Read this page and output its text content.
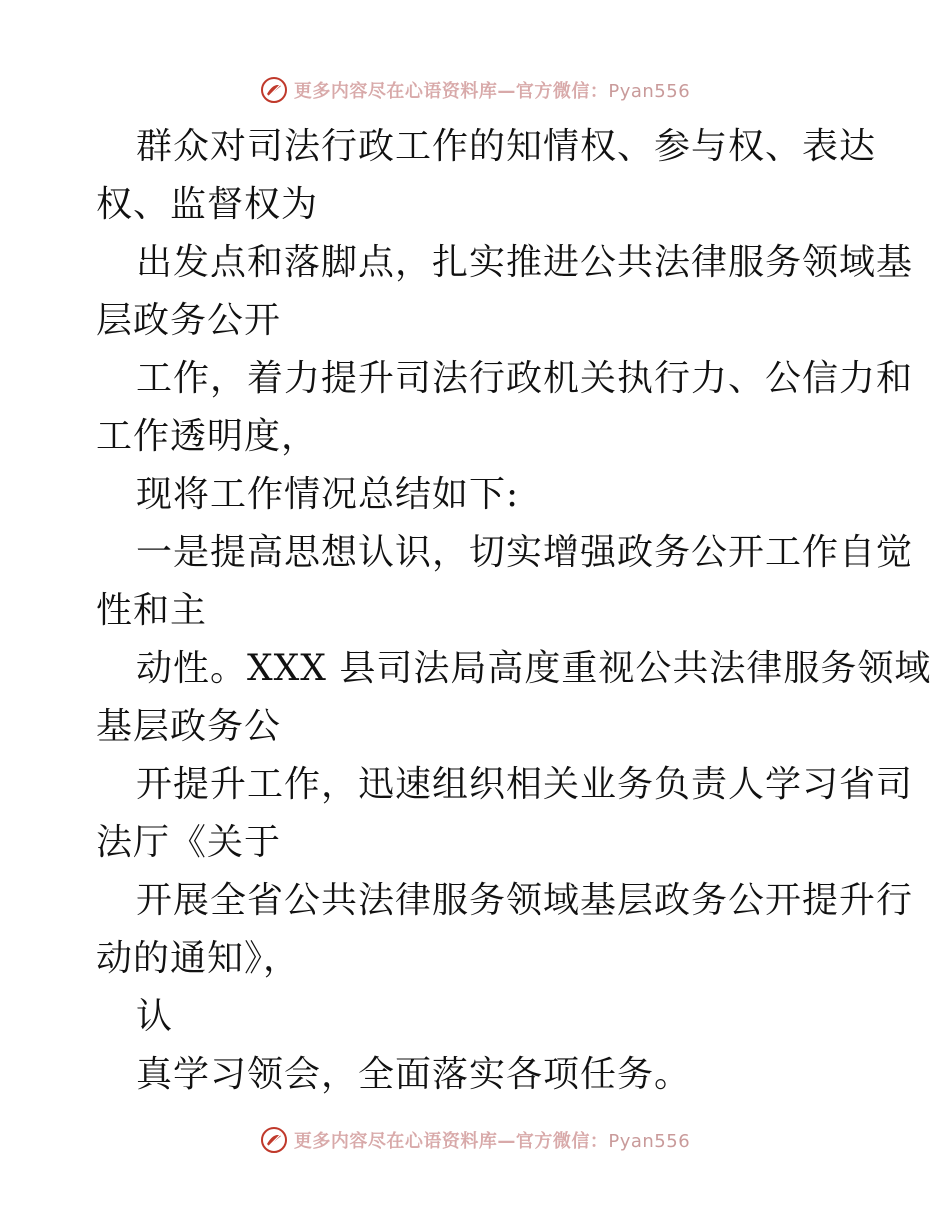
更多内容尽在心语资料库—官方微信：Pyan556
群众对司法行政工作的知情权、参与权、表达
权、监督权为
出发点和落脚点，扎实推进公共法律服务领域基
层政务公开
工作，着力提升司法行政机关执行力、公信力和
工作透明度，
现将工作情况总结如下:
一是提高思想认识，切实增强政务公开工作自觉
性和主
动性。XXX 县司法局高度重视公共法律服务领域
基层政务公
开提升工作，迅速组织相关业务负责人学习省司
法厅《关于
开展全省公共法律服务领域基层政务公开提升行
动的通知》，
认
真学习领会，全面落实各项任务。
更多内容尽在心语资料库—官方微信：Pyan556
